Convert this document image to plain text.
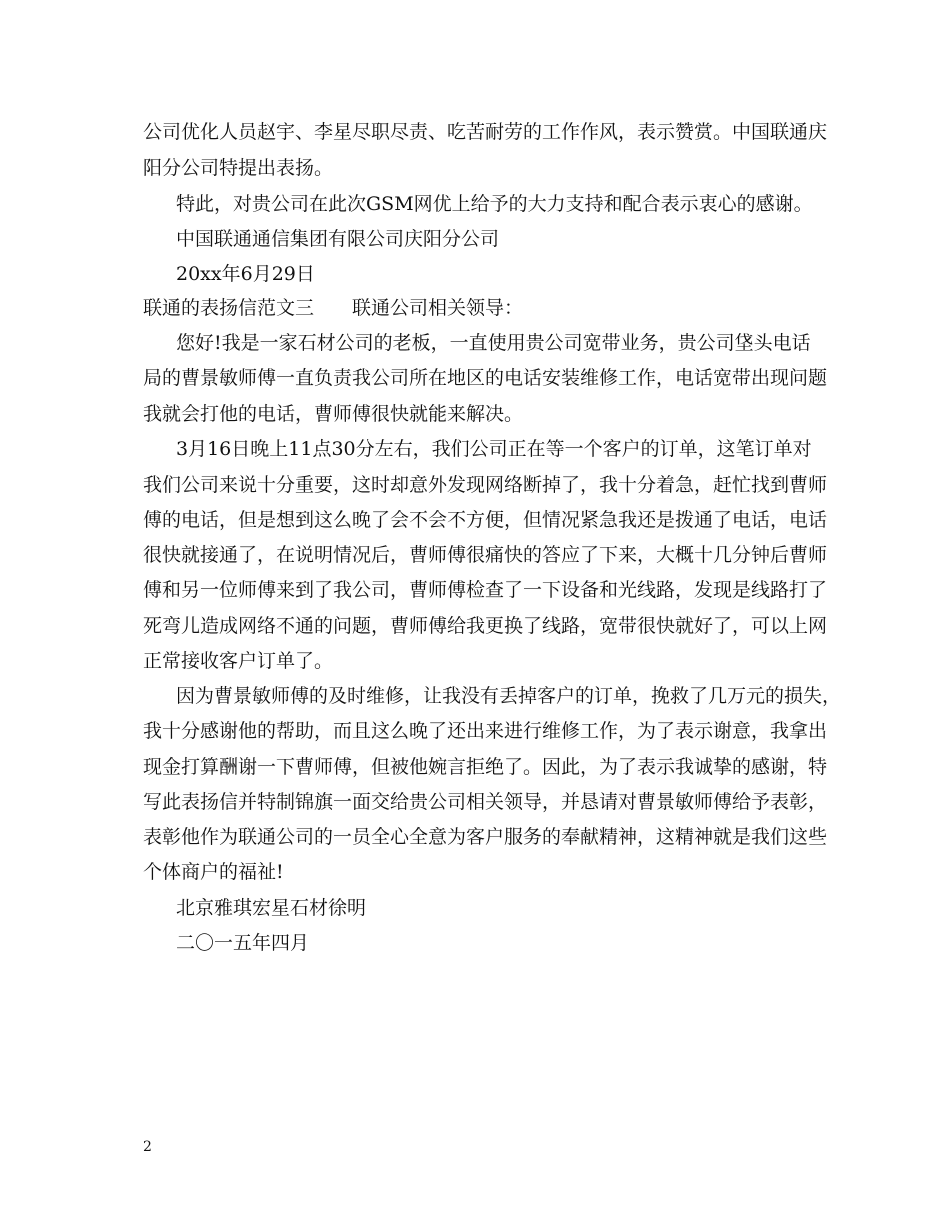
公司优化人员赵宇、李星尽职尽责、吃苦耐劳的工作作风，表示赞赏。中国联通庆
阳分公司特提出表扬。
特此，对贵公司在此次GSM网优上给予的大力支持和配合表示衷心的感谢。
中国联通通信集团有限公司庆阳分公司
20xx年6月29日
联通的表扬信范文三　　联通公司相关领导：
您好!我是一家石材公司的老板，一直使用贵公司宽带业务，贵公司垡头电话
局的曹景敏师傅一直负责我公司所在地区的电话安装维修工作，电话宽带出现问题
我就会打他的电话，曹师傅很快就能来解决。
3月16日晚上11点30分左右，我们公司正在等一个客户的订单，这笔订单对
我们公司来说十分重要，这时却意外发现网络断掉了，我十分着急，赶忙找到曹师
傅的电话，但是想到这么晚了会不会不方便，但情况紧急我还是拨通了电话，电话
很快就接通了，在说明情况后，曹师傅很痛快的答应了下来，大概十几分钟后曹师
傅和另一位师傅来到了我公司，曹师傅检查了一下设备和光线路，发现是线路打了
死弯儿造成网络不通的问题，曹师傅给我更换了线路，宽带很快就好了，可以上网
正常接收客户订单了。
因为曹景敏师傅的及时维修，让我没有丢掉客户的订单，挽救了几万元的损失，
我十分感谢他的帮助，而且这么晚了还出来进行维修工作，为了表示谢意，我拿出
现金打算酬谢一下曹师傅，但被他婉言拒绝了。因此，为了表示我诚挚的感谢，特
写此表扬信并特制锦旗一面交给贵公司相关领导，并恳请对曹景敏师傅给予表彰，
表彰他作为联通公司的一员全心全意为客户服务的奉献精神，这精神就是我们这些
个体商户的福祉!
北京雅琪宏星石材徐明
二〇一五年四月
2
